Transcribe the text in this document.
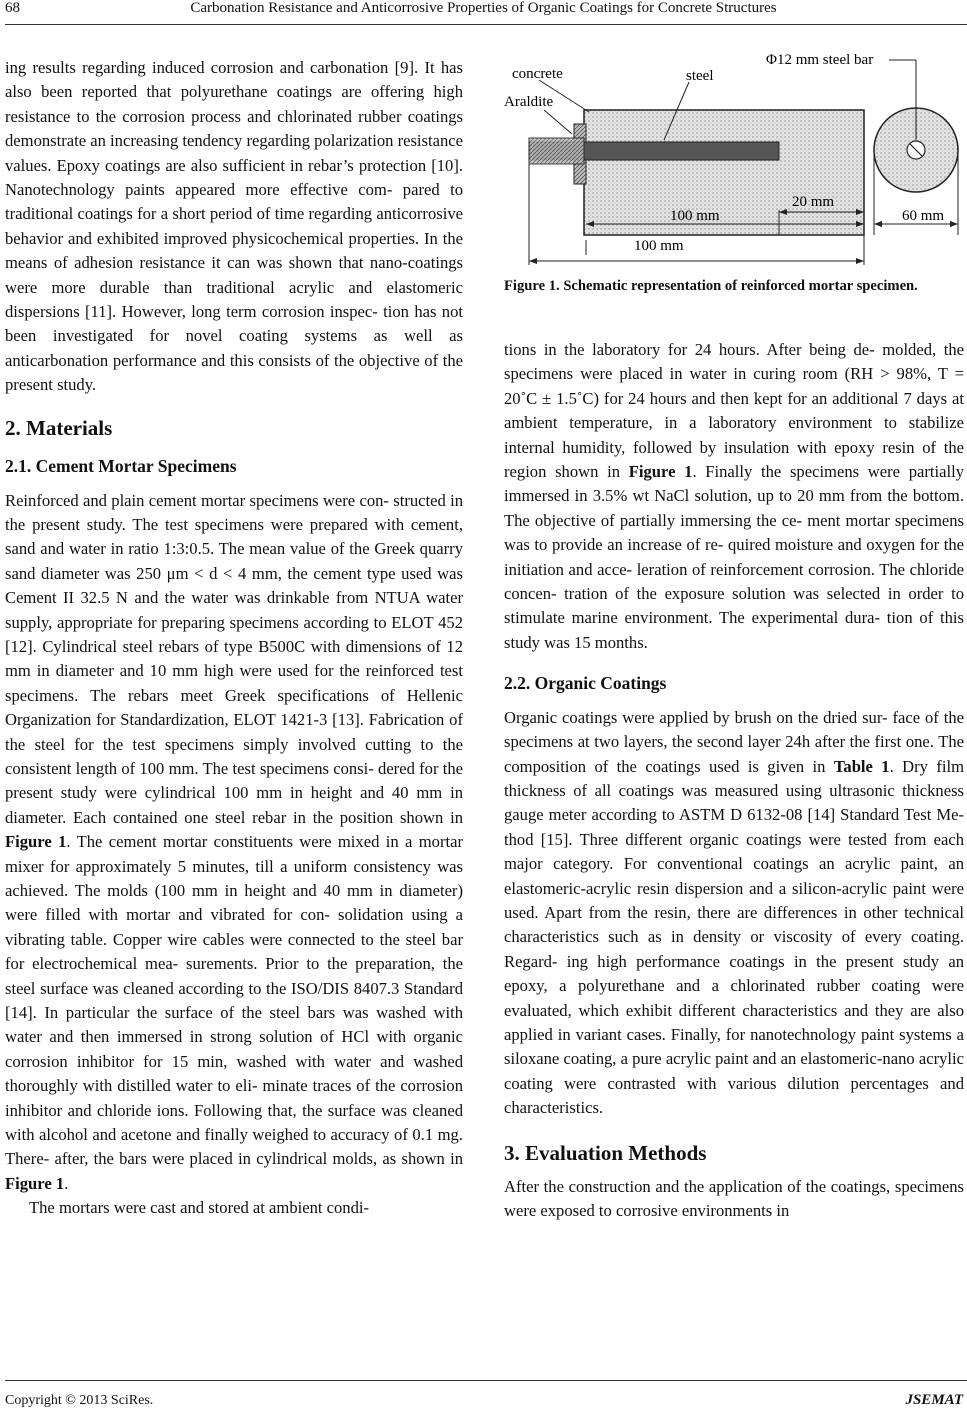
68	Carbonation Resistance and Anticorrosive Properties of Organic Coatings for Concrete Structures

ing results regarding induced corrosion and carbonation [9]. It has also been reported that polyurethane coatings are offering high resistance to the corrosion process and chlorinated rubber coatings demonstrate an increasing tendency regarding polarization resistance values. Epoxy coatings are also sufficient in rebar’s protection [10]. Nanotechnology paints appeared more effective com- pared to traditional coatings for a short period of time regarding anticorrosive behavior and exhibited improved physicochemical properties. In the means of adhesion resistance it can was shown that nano-coatings were more durable than traditional acrylic and elastomeric dispersions [11]. However, long term corrosion inspec- tion has not been investigated for novel coating systems as well as anticarbonation performance and this consists of the objective of the present study.

2. Materials
2.1. Cement Mortar Specimens

Reinforced and plain cement mortar specimens were con- structed in the present study. The test specimens were prepared with cement, sand and water in ratio 1:3:0.5. The mean value of the Greek quarry sand diameter was 250 μm < d < 4 mm, the cement type used was Cement II 32.5 N and the water was drinkable from NTUA water supply, appropriate for preparing specimens according to ELOT 452 [12]. Cylindrical steel rebars of type B500C with dimensions of 12 mm in diameter and 10 mm high were used for the reinforced test specimens. The rebars meet Greek specifications of Hellenic Organization for Standardization, ELOT 1421-3 [13]. Fabrication of the steel for the test specimens simply involved cutting to the consistent length of 100 mm. The test specimens consi- dered for the present study were cylindrical 100 mm in height and 40 mm in diameter. Each contained one steel rebar in the position shown in Figure 1. The cement mortar constituents were mixed in a mortar mixer for approximately 5 minutes, till a uniform consistency was achieved. The molds (100 mm in height and 40 mm in diameter) were filled with mortar and vibrated for con- solidation using a vibrating table. Copper wire cables were connected to the steel bar for electrochemical mea- surements. Prior to the preparation, the steel surface was cleaned according to the ISO/DIS 8407.3 Standard [14]. In particular the surface of the steel bars was washed with water and then immersed in strong solution of HCl with organic corrosion inhibitor for 15 min, washed with water and washed thoroughly with distilled water to eli- minate traces of the corrosion inhibitor and chloride ions. Following that, the surface was cleaned with alcohol and acetone and finally weighed to accuracy of 0.1 mg. There- after, the bars were placed in cylindrical molds, as shown in Figure 1.

The mortars were cast and stored at ambient condi-

concrete	steel
Araldite
Φ12 mm steel bar
20 mm
100 mm
100 mm
60 mm
Figure 1. Schematic representation of reinforced mortar specimen.

tions in the laboratory for 24 hours. After being de- molded, the specimens were placed in water in curing room (RH > 98%, T = 20˚C ± 1.5˚C) for 24 hours and then kept for an additional 7 days at ambient temperature, in a laboratory environment to stabilize internal humidity, followed by insulation with epoxy resin of the region shown in Figure 1. Finally the specimens were partially immersed in 3.5% wt NaCl solution, up to 20 mm from the bottom. The objective of partially immersing the ce- ment mortar specimens was to provide an increase of re- quired moisture and oxygen for the initiation and acce- leration of reinforcement corrosion. The chloride concen- tration of the exposure solution was selected in order to stimulate marine environment. The experimental dura- tion of this study was 15 months.

2.2. Organic Coatings

Organic coatings were applied by brush on the dried sur- face of the specimens at two layers, the second layer 24h after the first one. The composition of the coatings used is given in Table 1. Dry film thickness of all coatings was measured using ultrasonic thickness gauge meter according to ASTM D 6132-08 [14] Standard Test Me- thod [15]. Three different organic coatings were tested from each major category. For conventional coatings an acrylic paint, an elastomeric-acrylic resin dispersion and a silicon-acrylic paint were used. Apart from the resin, there are differences in other technical characteristics such as in density or viscosity of every coating. Regard- ing high performance coatings in the present study an epoxy, a polyurethane and a chlorinated rubber coating were evaluated, which exhibit different characteristics and they are also applied in variant cases. Finally, for nanotechnology paint systems a siloxane coating, a pure acrylic paint and an elastomeric-nano acrylic coating were contrasted with various dilution percentages and characteristics.

3. Evaluation Methods

After the construction and the application of the coatings, specimens were exposed to corrosive environments in

Copyright © 2013 SciRes.	JSEMAT
